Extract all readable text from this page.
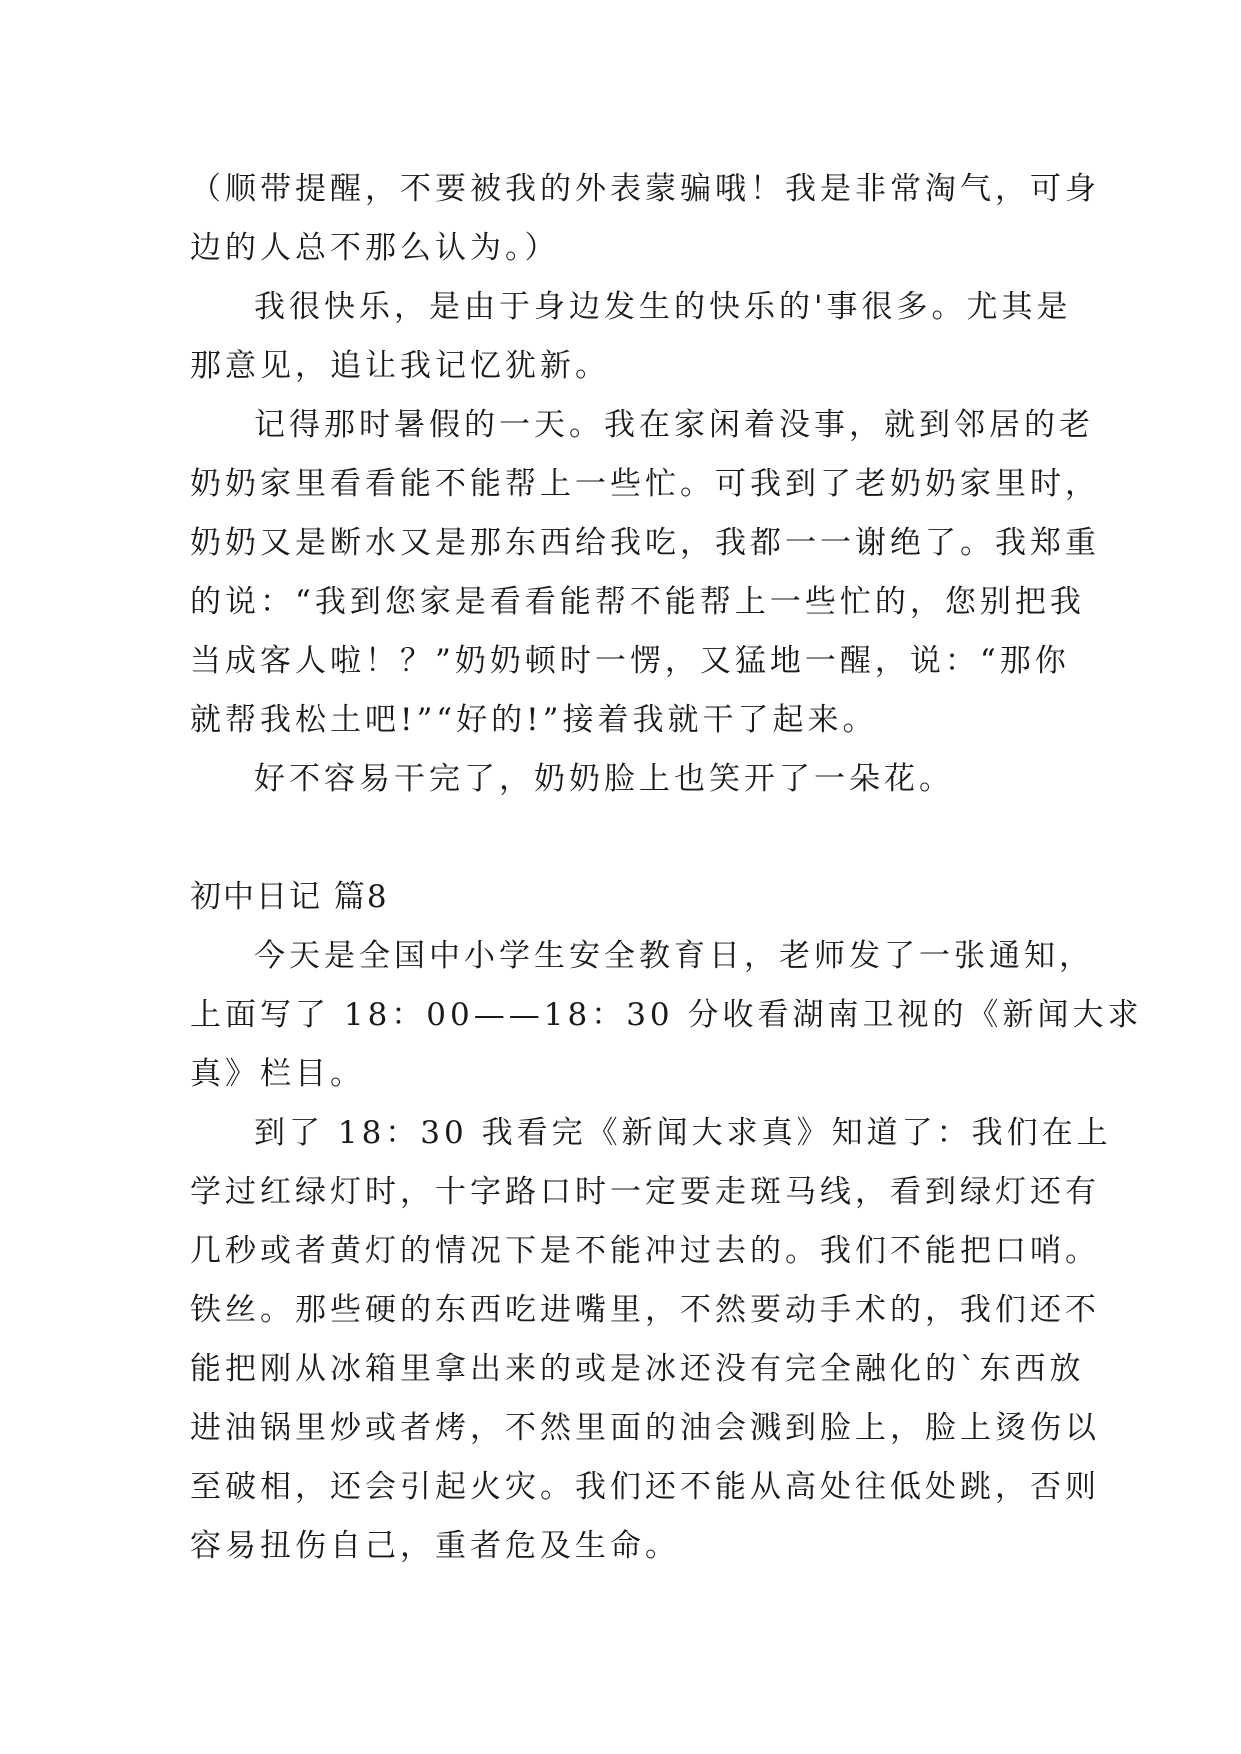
（顺带提醒，不要被我的外表蒙骗哦！我是非常淘气，可身
边的人总不那么认为。）
我很快乐，是由于身边发生的快乐的'事很多。尤其是
那意见，追让我记忆犹新。
记得那时暑假的一天。我在家闲着没事，就到邻居的老
奶奶家里看看能不能帮上一些忙。可我到了老奶奶家里时，
奶奶又是断水又是那东西给我吃，我都一一谢绝了。我郑重
的说：“我到您家是看看能帮不能帮上一些忙的，您别把我
当成客人啦！？”奶奶顿时一愣，又猛地一醒，说：“那你
就帮我松土吧!”“好的!”接着我就干了起来。
好不容易干完了，奶奶脸上也笑开了一朵花。
初中日记 篇8
今天是全国中小学生安全教育日，老师发了一张通知，
上面写了 18：00——18：30 分收看湖南卫视的《新闻大求
真》栏目。
到了 18：30 我看完《新闻大求真》知道了：我们在上
学过红绿灯时，十字路口时一定要走斑马线，看到绿灯还有
几秒或者黄灯的情况下是不能冲过去的。我们不能把口哨。
铁丝。那些硬的东西吃进嘴里，不然要动手术的，我们还不
能把刚从冰箱里拿出来的或是冰还没有完全融化的`东西放
进油锅里炒或者烤，不然里面的油会溅到脸上，脸上烫伤以
至破相，还会引起火灾。我们还不能从高处往低处跳，否则
容易扭伤自己，重者危及生命。
